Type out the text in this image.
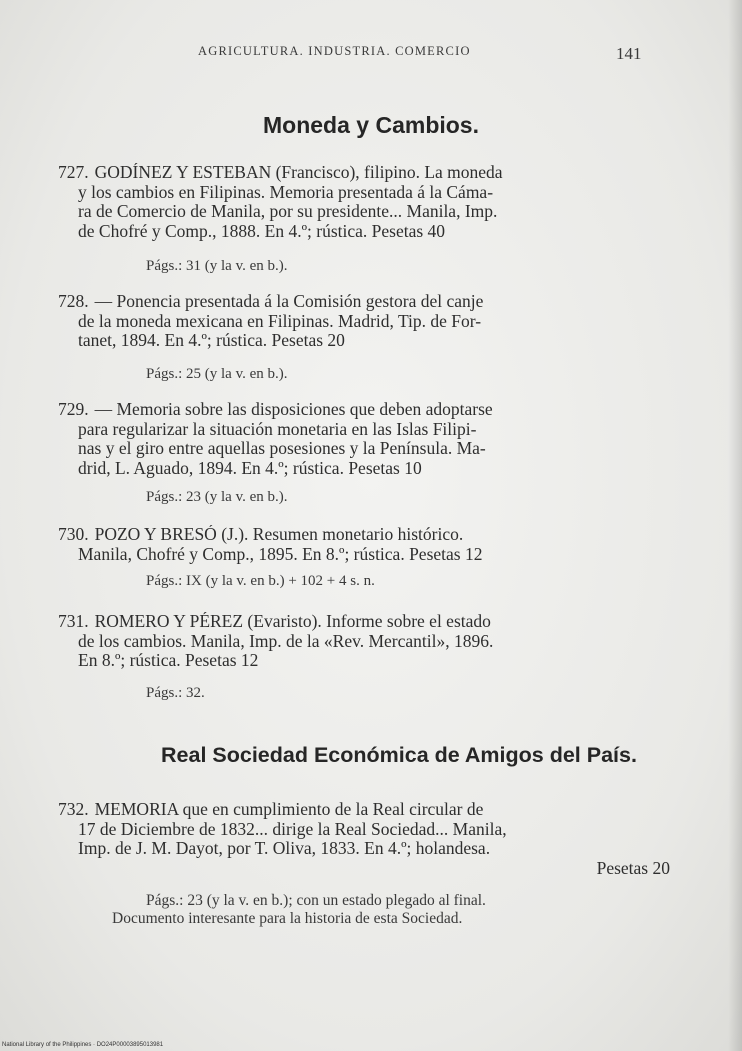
AGRICULTURA. INDUSTRIA. COMERCIO	141
Moneda y Cambios.
727. GODÍNEZ Y ESTEBAN (Francisco), filipino. La moneda
y los cambios en Filipinas. Memoria presentada á la Cáma-
ra de Comercio de Manila, por su presidente... Manila, Imp.
de Chofré y Comp., 1888. En 4.º; rústica. Pesetas 40
Págs.: 31 (y la v. en b.).
728. — Ponencia presentada á la Comisión gestora del canje
de la moneda mexicana en Filipinas. Madrid, Tip. de For-
tanet, 1894. En 4.º; rústica. Pesetas 20
Págs.: 25 (y la v. en b.).
729. — Memoria sobre las disposiciones que deben adoptarse
para regularizar la situación monetaria en las Islas Filipi-
nas y el giro entre aquellas posesiones y la Península. Ma-
drid, L. Aguado, 1894. En 4.º; rústica. Pesetas 10
Págs.: 23 (y la v. en b.).
730. POZO Y BRESÓ (J.). Resumen monetario histórico.
Manila, Chofré y Comp., 1895. En 8.º; rústica. Pesetas 12
Págs.: IX (y la v. en b.) + 102 + 4 s. n.
731. ROMERO Y PÉREZ (Evaristo). Informe sobre el estado
de los cambios. Manila, Imp. de la «Rev. Mercantil», 1896.
En 8.º; rústica. Pesetas 12
Págs.: 32.
Real Sociedad Económica de Amigos del País.
732. MEMORIA que en cumplimiento de la Real circular de
17 de Diciembre de 1832... dirige la Real Sociedad... Manila,
Imp. de J. M. Dayot, por T. Oliva, 1833. En 4.º; holandesa.
Pesetas 20
Págs.: 23 (y la v. en b.); con un estado plegado al final.
Documento interesante para la historia de esta Sociedad.
National Library of the Philippines · DO24P00003895013981
